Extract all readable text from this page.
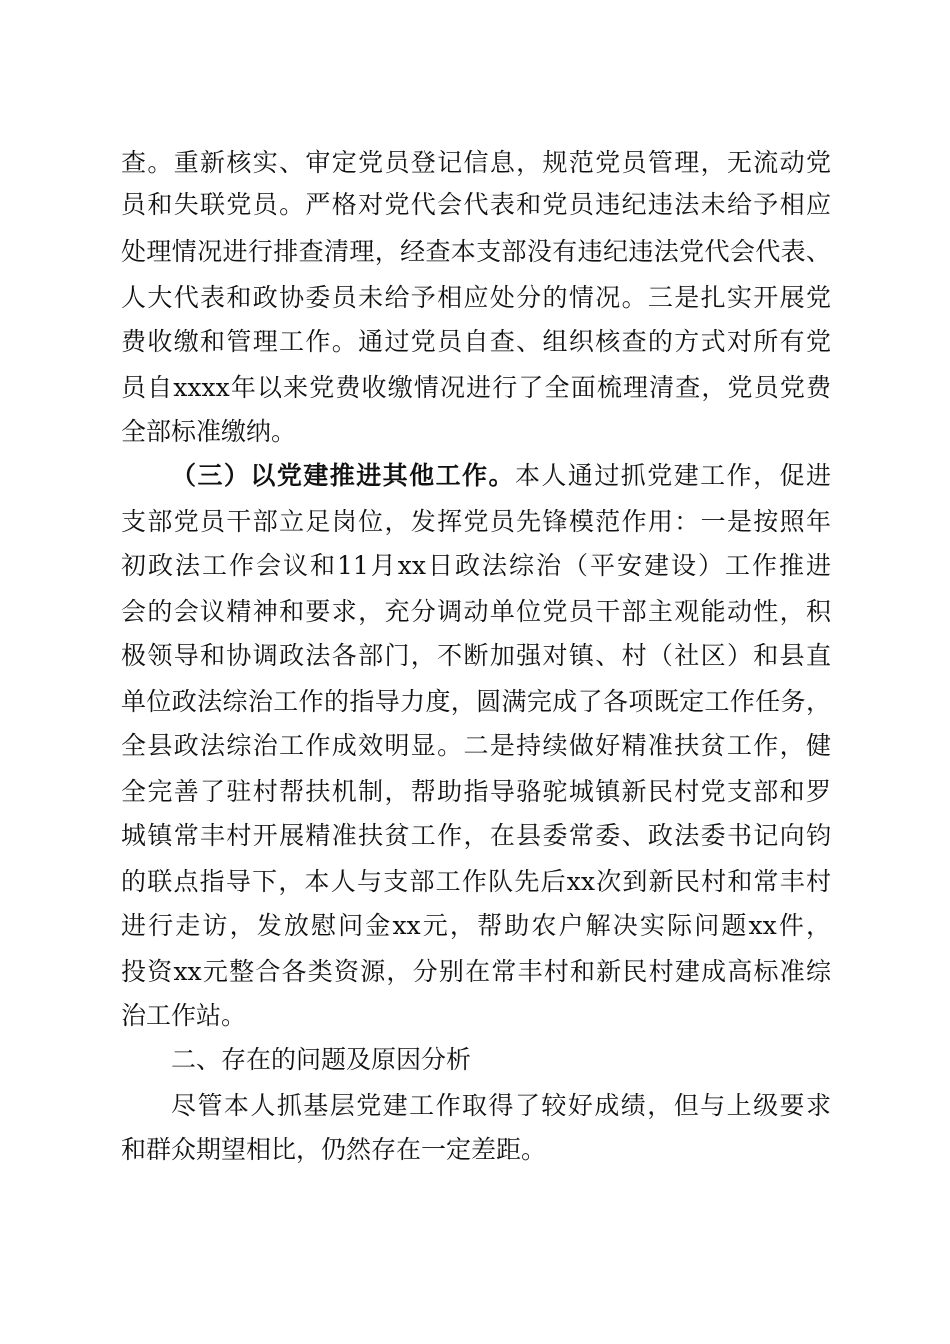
查。重新核实、审定党员登记信息，规范党员管理，无流动党
员和失联党员。严格对党代会代表和党员违纪违法未给予相应
处理情况进行排查清理，经查本支部没有违纪违法党代会代表、
人大代表和政协委员未给予相应处分的情况。三是扎实开展党
费收缴和管理工作。通过党员自查、组织核查的方式对所有党
员自xxxx年以来党费收缴情况进行了全面梳理清查，党员党费
全部标准缴纳。
（三）以党建推进其他工作。本人通过抓党建工作，促进
支部党员干部立足岗位，发挥党员先锋模范作用：一是按照年
初政法工作会议和11月xx日政法综治（平安建设）工作推进
会的会议精神和要求，充分调动单位党员干部主观能动性，积
极领导和协调政法各部门，不断加强对镇、村（社区）和县直
单位政法综治工作的指导力度，圆满完成了各项既定工作任务，
全县政法综治工作成效明显。二是持续做好精准扶贫工作，健
全完善了驻村帮扶机制，帮助指导骆驼城镇新民村党支部和罗
城镇常丰村开展精准扶贫工作，在县委常委、政法委书记向钧
的联点指导下，本人与支部工作队先后xx次到新民村和常丰村
进行走访，发放慰问金xx元，帮助农户解决实际问题xx件，
投资xx元整合各类资源，分别在常丰村和新民村建成高标准综
治工作站。
二、存在的问题及原因分析
尽管本人抓基层党建工作取得了较好成绩，但与上级要求
和群众期望相比，仍然存在一定差距。
